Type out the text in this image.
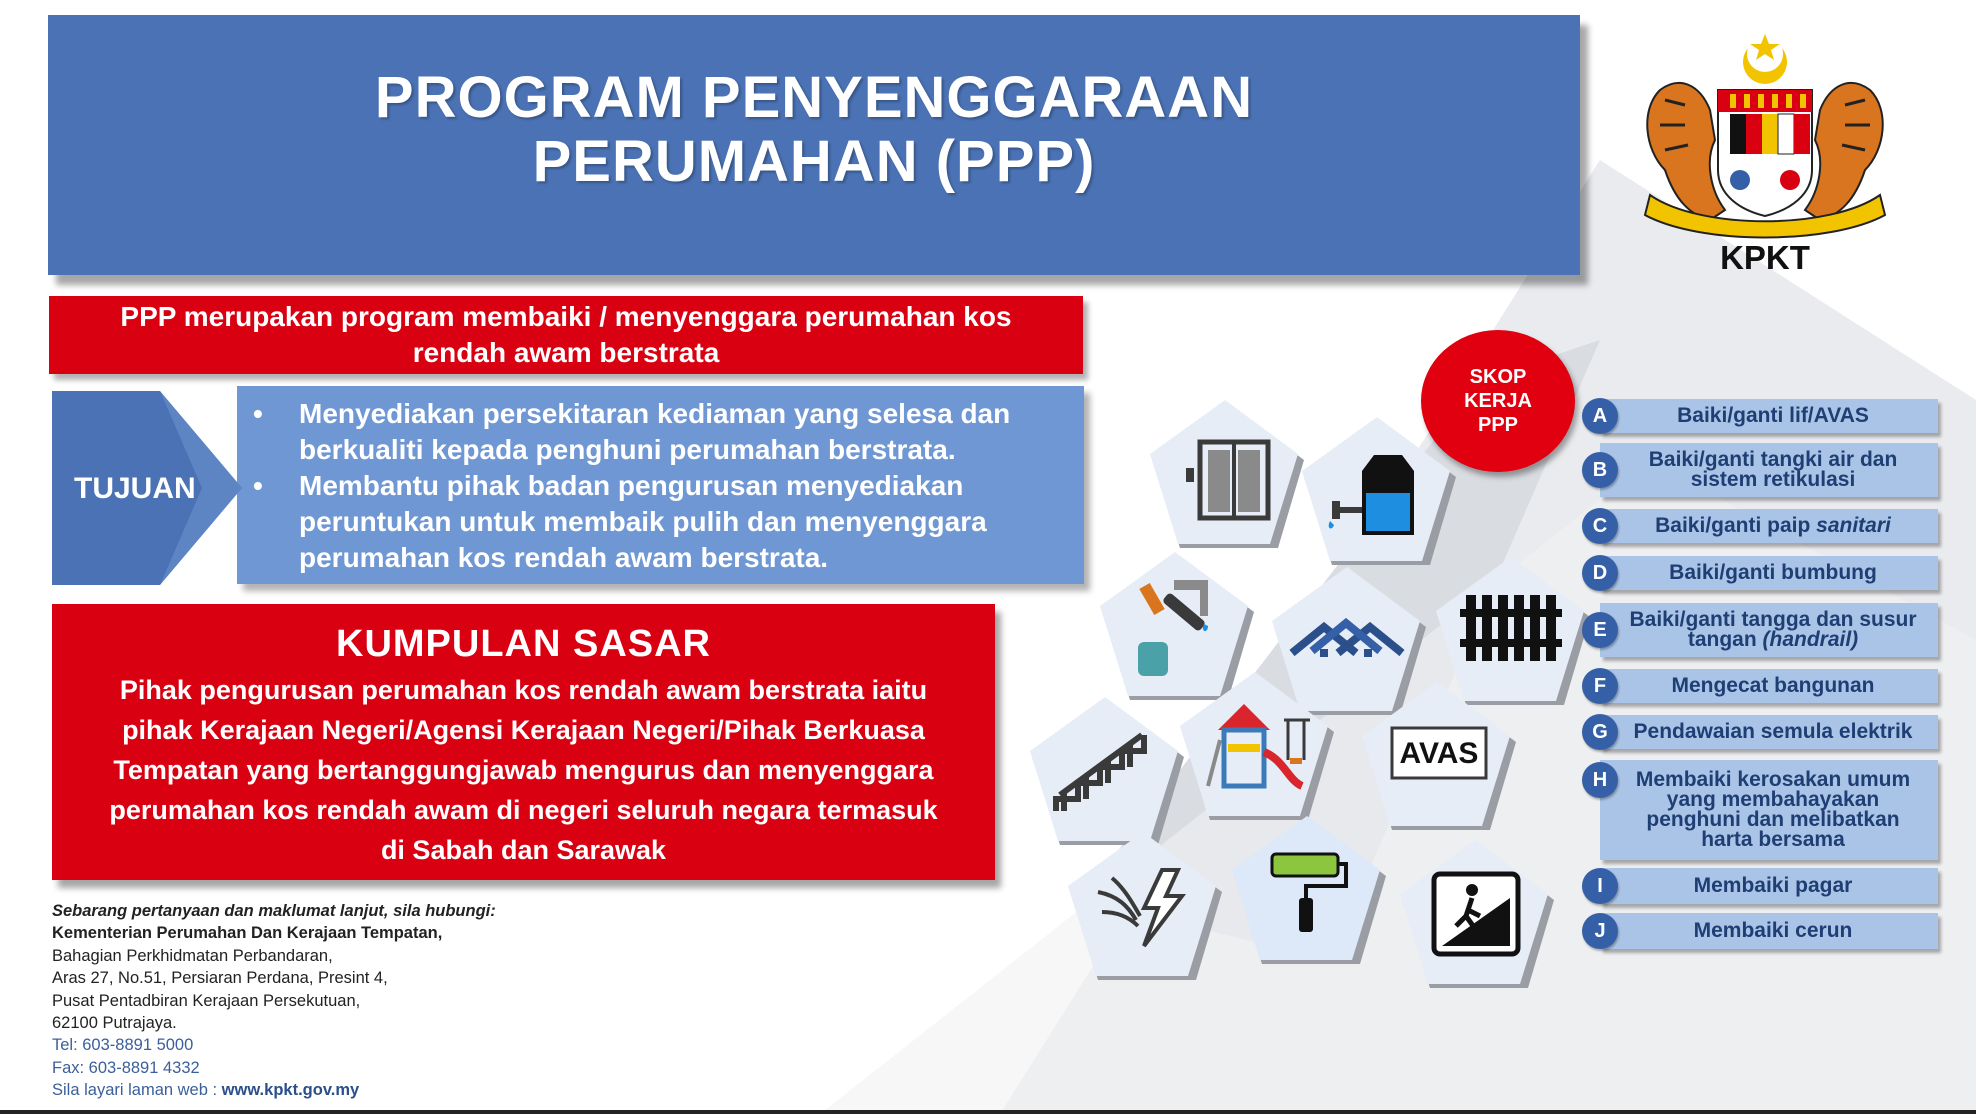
PROGRAM PENYENGGARAAN
PERUMAHAN (PPP)
KPKT
PPP merupakan program membaiki / menyenggara perumahan kos
rendah awam berstrata
TUJUAN
• Menyediakan persekitaran kediaman yang selesa dan
berkualiti kepada penghuni perumahan berstrata.
• Membantu pihak badan pengurusan menyediakan
peruntukan untuk membaik pulih dan menyenggara
perumahan kos rendah awam berstrata.
KUMPULAN SASAR
Pihak pengurusan perumahan kos rendah awam berstrata iaitu
pihak Kerajaan Negeri/Agensi Kerajaan Negeri/Pihak Berkuasa
Tempatan yang bertanggungjawab mengurus dan menyenggara
perumahan kos rendah awam di negeri seluruh negara termasuk
di Sabah dan Sarawak
Sebarang pertanyaan dan maklumat lanjut, sila hubungi:
Kementerian Perumahan Dan Kerajaan Tempatan,
Bahagian Perkhidmatan Perbandaran,
Aras 27, No.51, Persiaran Perdana, Presint 4,
Pusat Pentadbiran Kerajaan Persekutuan,
62100 Putrajaya.
Tel: 603-8891 5000
Fax: 603-8891 4332
Sila layari laman web : www.kpkt.gov.my
SKOP
KERJA
PPP
AVAS
A	Baiki/ganti lif/AVAS
B	Baiki/ganti tangki air dan
sistem retikulasi
C	Baiki/ganti paip sanitari
D	Baiki/ganti bumbung
E	Baiki/ganti tangga dan susur
tangan (handrail)
F	Mengecat bangunan
G	Pendawaian semula elektrik
H	Membaiki kerosakan umum
yang membahayakan
penghuni dan melibatkan
harta bersama
I	Membaiki pagar
J	Membaiki cerun
